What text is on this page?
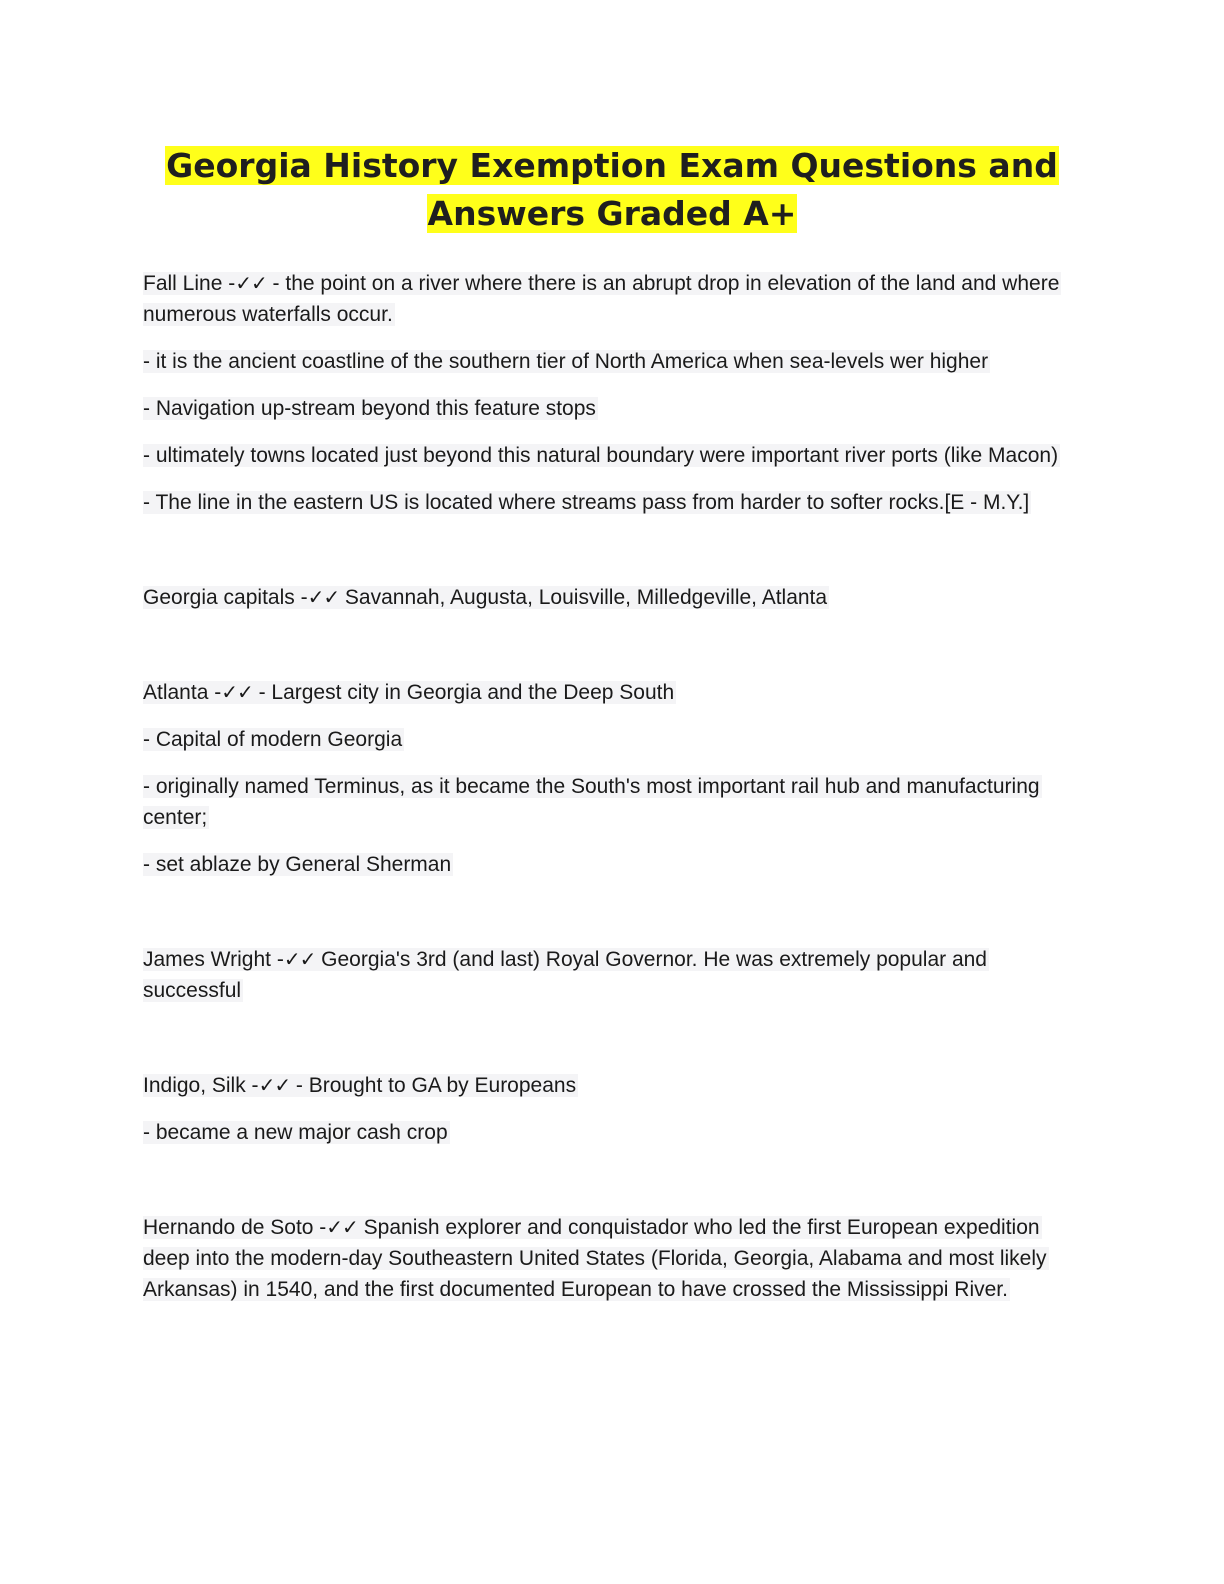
Georgia History Exemption Exam Questions and
Answers Graded A+

Fall Line -✓✓ - the point on a river where there is an abrupt drop in elevation of the land and where numerous waterfalls occur.

- it is the ancient coastline of the southern tier of North America when sea-levels wer higher

- Navigation up-stream beyond this feature stops

- ultimately towns located just beyond this natural boundary were important river ports (like Macon)

- The line in the eastern US is located where streams pass from harder to softer rocks.[E - M.Y.]

Georgia capitals -✓✓ Savannah, Augusta, Louisville, Milledgeville, Atlanta

Atlanta -✓✓ - Largest city in Georgia and the Deep South

- Capital of modern Georgia

- originally named Terminus, as it became the South's most important rail hub and manufacturing center;

- set ablaze by General Sherman

James Wright -✓✓ Georgia's 3rd (and last) Royal Governor. He was extremely popular and successful

Indigo, Silk -✓✓ - Brought to GA by Europeans

- became a new major cash crop

Hernando de Soto -✓✓ Spanish explorer and conquistador who led the first European expedition deep into the modern-day Southeastern United States (Florida, Georgia, Alabama and most likely Arkansas) in 1540, and the first documented European to have crossed the Mississippi River.
